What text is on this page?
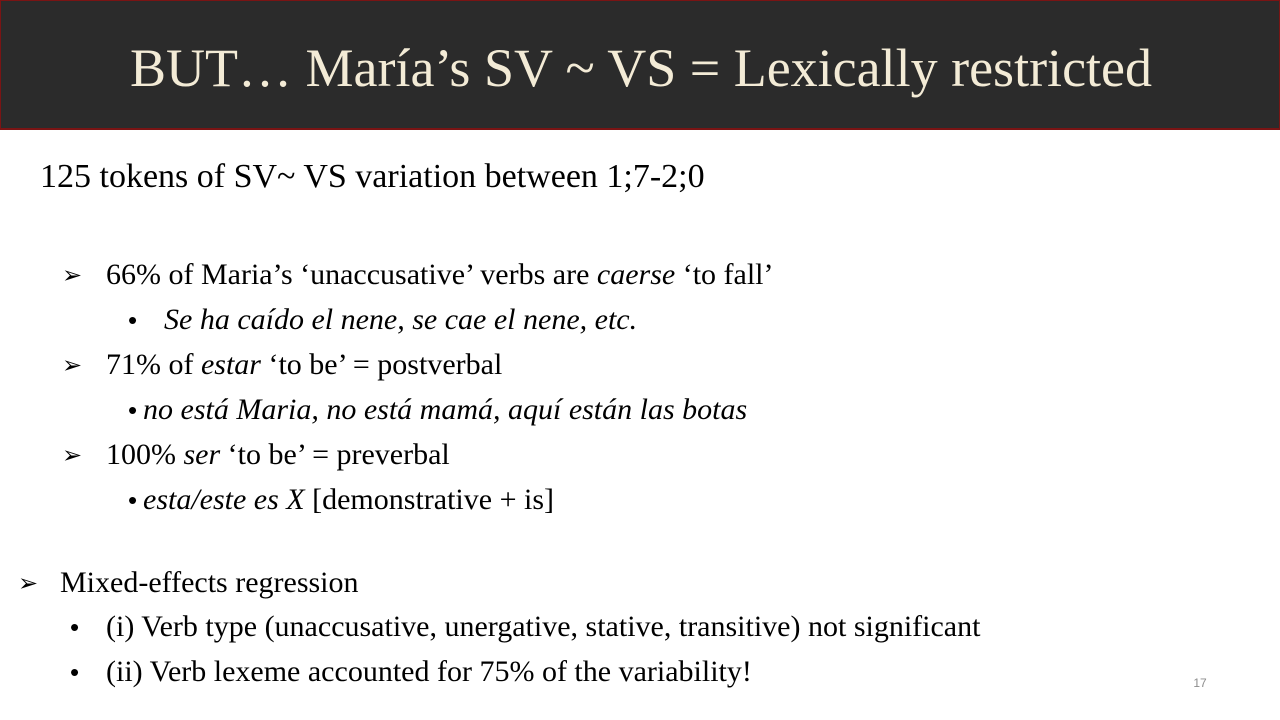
BUT… María’s SV ~ VS = Lexically restricted
125 tokens of SV~ VS variation between 1;7-2;0
➢ 66% of Maria’s ‘unaccusative’ verbs are caerse ‘to fall’
• Se ha caído el nene, se cae el nene, etc.
➢ 71% of estar ‘to be’ = postverbal
• no está Maria, no está mamá, aquí están las botas
➢ 100% ser ‘to be’ = preverbal
• esta/este es X [demonstrative + is]
➢ Mixed-effects regression
• (i) Verb type (unaccusative, unergative, stative, transitive) not significant
• (ii) Verb lexeme accounted for 75% of the variability!	17
